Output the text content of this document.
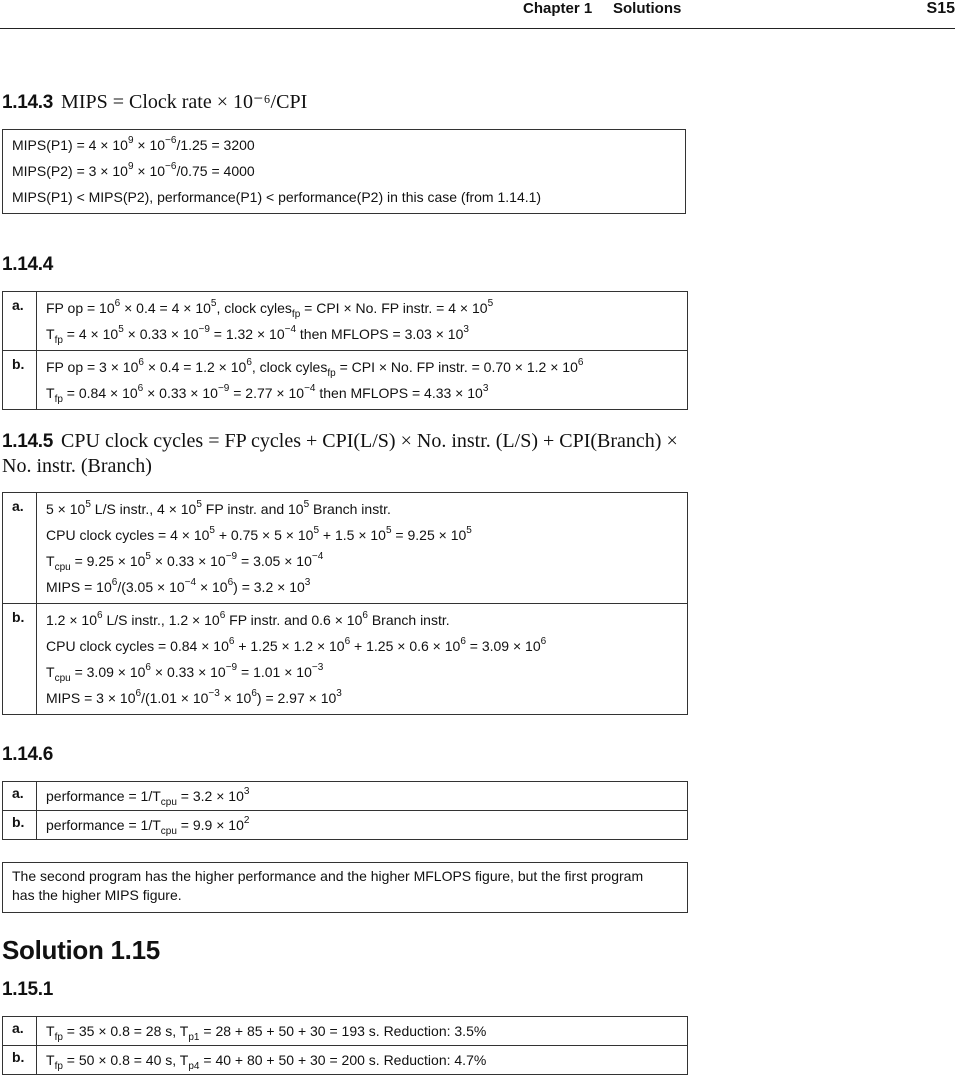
Chapter 1 Solutions	S15
1.14.3 MIPS = Clock rate × 10⁻⁶/CPI
MIPS(P1) = $4 \times 10^9 \times 10^{-6}/1.25 = 3200$
MIPS(P2) = $3 \times 10^9 \times 10^{-6}/0.75 = 4000$
MIPS(P1) < MIPS(P2), performance(P1) < performance(P2) in this case (from 1.14.1)
1.14.4
a.	FP op = $10^6 \times 0.4 = 4 \times 10^5$, clock cyles$_{fp}$ = CPI × No. FP instr. = $4 \times 10^5$
$T_{fp} = 4 \times 10^5 \times 0.33 \times 10^{-9} = 1.32 \times 10^{-4}$ then MFLOPS = $3.03 \times 10^3$

b.	FP op = $3 \times 10^6 \times 0.4 = 1.2 \times 10^6$, clock cyles$_{fp}$ = CPI × No. FP instr. = $0.70 \times 1.2 \times 10^6$
$T_{fp} = 0.84 \times 10^6 \times 0.33 \times 10^{-9} = 2.77 \times 10^{-4}$ then MFLOPS = $4.33 \times 10^3$
1.14.5 CPU clock cycles = FP cycles + CPI(L/S) × No. instr. (L/S) + CPI(Branch) ×
No. instr. (Branch)
a.	$5 \times 10^5$ L/S instr., $4 \times 10^5$ FP instr. and $10^5$ Branch instr.
CPU clock cycles = $4 \times 10^5 + 0.75 \times 5 \times 10^5 + 1.5 \times 10^5 = 9.25 \times 10^5$
$T_{cpu} = 9.25 \times 10^5 \times 0.33 \times 10^{-9} = 3.05 \times 10^{-4}$
MIPS = $10^6/(3.05 \times 10^{-4} \times 10^6) = 3.2 \times 10^3$

b.	$1.2 \times 10^6$ L/S instr., $1.2 \times 10^6$ FP instr. and $0.6 \times 10^6$ Branch instr.
CPU clock cycles = $0.84 \times 10^6 + 1.25 \times 1.2 \times 10^6 + 1.25 \times 0.6 \times 10^6 = 3.09 \times 10^6$
$T_{cpu} = 3.09 \times 10^6 \times 0.33 \times 10^{-9} = 1.01 \times 10^{-3}$
MIPS = $3 \times 10^6/(1.01 \times 10^{-3} \times 10^6) = 2.97 \times 10^3$
1.14.6
a.	performance = $1/T_{cpu} = 3.2 \times 10^3$

b.	performance = $1/T_{cpu} = 9.9 \times 10^2$
The second program has the higher performance and the higher MFLOPS figure, but the first program
has the higher MIPS figure.
Solution 1.15
1.15.1
a.	$T_{fp} = 35 \times 0.8 = 28$ s, $T_{p1} = 28 + 85 + 50 + 30 = 193$ s. Reduction: 3.5%

b.	$T_{fp} = 50 \times 0.8 = 40$ s, $T_{p4} = 40 + 80 + 50 + 30 = 200$ s. Reduction: 4.7%
